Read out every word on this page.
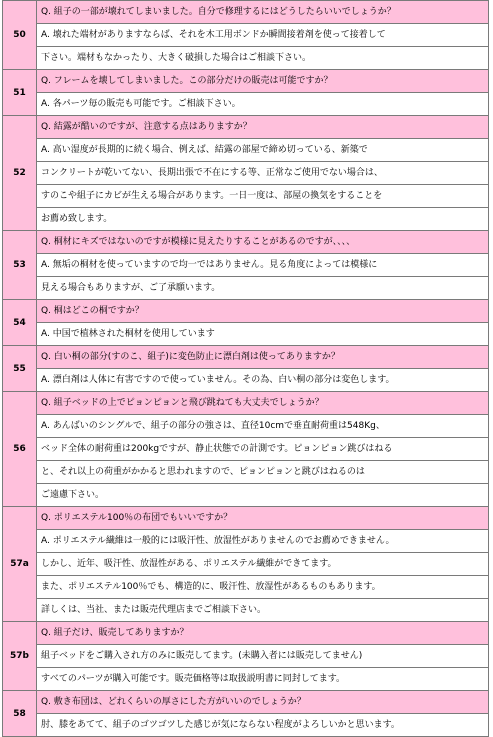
50	Q. 組子の一部が壊れてしまいました。自分で修理するにはどうしたらいいでしょうか？
	A. 壊れた端材がありますならば、それを木工用ボンドか瞬間接着剤を使って接着して
	下さい。端材もなかったり、大きく破損した場合はご相談下さい。
51	Q. フレームを壊してしまいました。この部分だけの販売は可能ですか？
	A. 各パーツ毎の販売も可能です。ご相談下さい。
52	Q. 結露が酷いのですが、注意する点はありますか？
	A. 高い湿度が長期的に続く場合、例えば、結露の部屋で締め切っている、新築で
	コンクリートが乾いてない、長期出張で不在にする等、正常なご使用でない場合は、
	すのこや組子にカビが生える場合があります。一日一度は、部屋の換気をすることを
	お薦め致します。
53	Q. 桐材にキズではないのですが模様に見えたりすることがあるのですが、、、、
	A. 無垢の桐材を使っていますので均一ではありません。見る角度によっては模様に
	見える場合もありますが、ご了承願います。
54	Q. 桐はどこの桐ですか？
	A. 中国で植林された桐材を使用しています
55	Q. 白い桐の部分(すのこ、組子)に変色防止に漂白剤は使ってありますか？
	A. 漂白剤は人体に有害ですので使っていません。その為、白い桐の部分は変色します。
56	Q. 組子ベッドの上でピョンピョンと飛び跳ねても大丈夫でしょうか？
	A. あんばいのシングルで、組子の部分の強さは、直径10cmで垂直耐荷重は548Kg、
	ベッド全体の耐荷重は200kgですが、静止状態での計測です。ピョンピョン跳びはねる
	と、それ以上の荷重がかかると思われますので、ピョンピョンと跳びはねるのは
	ご遠慮下さい。
57a	Q. ポリエステル100％の布団でもいいですか？
	A. ポリエステル繊維は一般的には吸汗性、放湿性がありませんのでお薦めできません。
	しかし、近年、吸汗性、放湿性がある、ポリエステル繊維ができてます。
	また、ポリエステル100％でも、構造的に、吸汗性、放湿性があるものもあります。
	詳しくは、当社、または販売代理店までご相談下さい。
57b	Q. 組子だけ、販売してありますか？
	組子ベッドをご購入され方のみに販売してます。(未購入者には販売してません)
	すべてのパーツが購入可能です。販売価格等は取扱説明書に同封してます。
58	Q. 敷き布団は、どれくらいの厚さにした方がいいのでしょうか？
	肘、膝をあてて、組子のゴツゴツした感じが気にならない程度がよろしいかと思います。
